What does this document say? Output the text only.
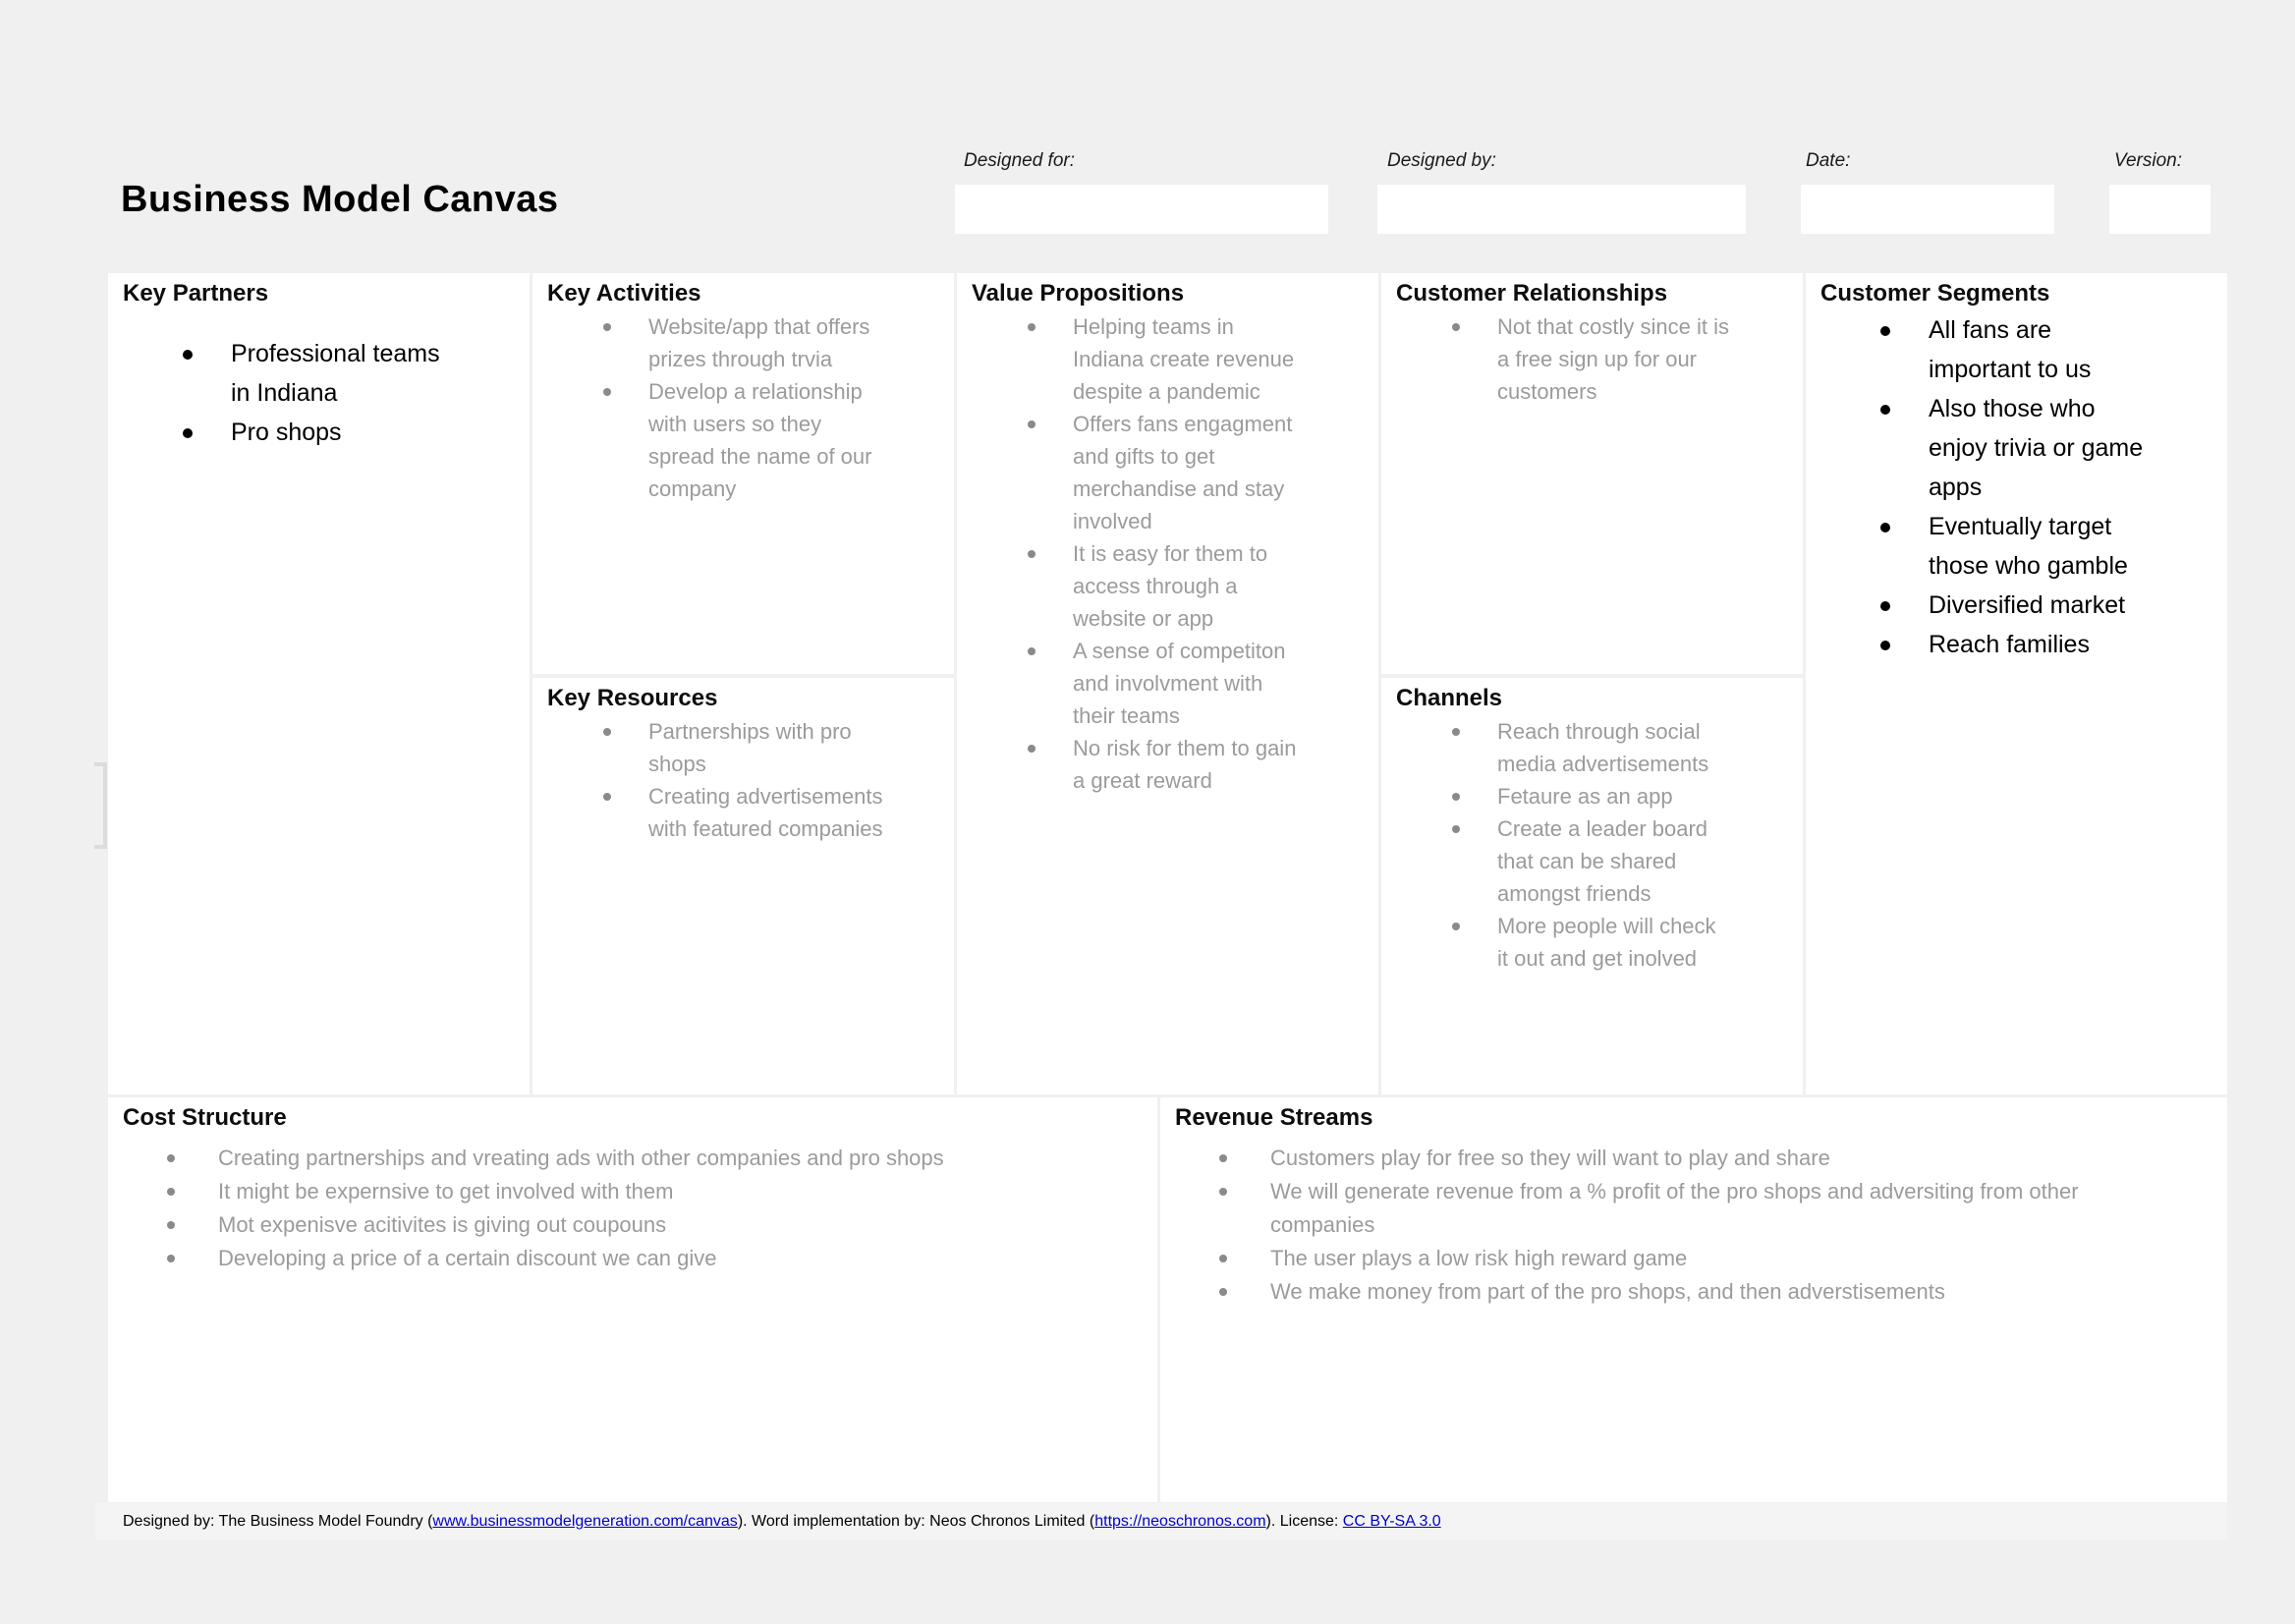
Business Model Canvas
Designed for:	Designed by:	Date:	Version:
Key Partners
Professional teams in Indiana
Pro shops
Key Activities
Website/app that offers prizes through trvia
Develop a relationship with users so they spread the name of our company
Key Resources
Partnerships with pro shops
Creating advertisements with featured companies
Value Propositions
Helping teams in Indiana create revenue despite a pandemic
Offers fans engagment and gifts to get merchandise and stay involved
It is easy for them to access through a website or app
A sense of competiton and involvment with their teams
No risk for them to gain a great reward
Customer Relationships
Not that costly since it is a free sign up for our customers
Channels
Reach through social media advertisements
Fetaure as an app
Create a leader board that can be shared amongst friends
More people will check it out and get inolved
Customer Segments
All fans are important to us
Also those who enjoy trivia or game apps
Eventually target those who gamble
Diversified market
Reach families
Cost Structure
Creating partnerships and vreating ads with other companies and pro shops
It might be expernsive to get involved with them
Mot expenisve acitivites is giving out coupouns
Developing a price of a certain discount we can give
Revenue Streams
Customers play for free so they will want to play and share
We will generate revenue from a % profit of the pro shops and adversiting from other companies
The user plays a low risk high reward game
We make money from part of the pro shops, and then adverstisements

Designed by: The Business Model Foundry (www.businessmodelgeneration.com/canvas). Word implementation by: Neos Chronos Limited (https://neoschronos.com). License: CC BY-SA 3.0
